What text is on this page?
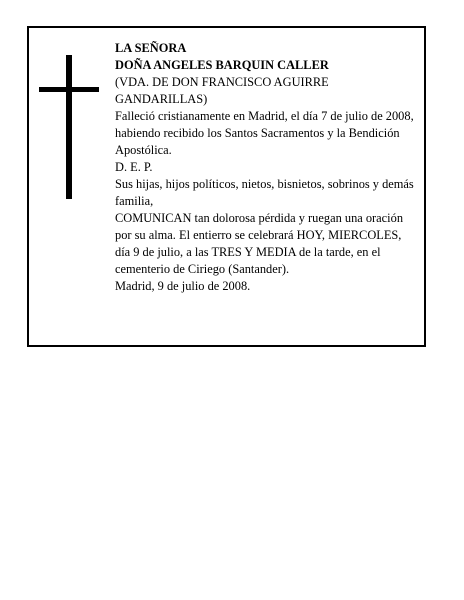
LA SEÑORA

DOÑA ANGELES BARQUIN CALLER

(VDA. DE DON FRANCISCO AGUIRRE GANDARILLAS)

Falleció cristianamente en Madrid, el día 7 de julio de 2008, habiendo recibido los Santos Sacramentos y la Bendición Apostólica.

D. E. P.

Sus hijas, hijos políticos, nietos, bisnietos, sobrinos y demás familia,

COMUNICAN tan dolorosa pérdida y ruegan una oración por su alma. El entierro se celebrará HOY, MIERCOLES, día 9 de julio, a las TRES Y MEDIA de la tarde, en el cementerio de Ciriego (Santander).

Madrid, 9 de julio de 2008.
